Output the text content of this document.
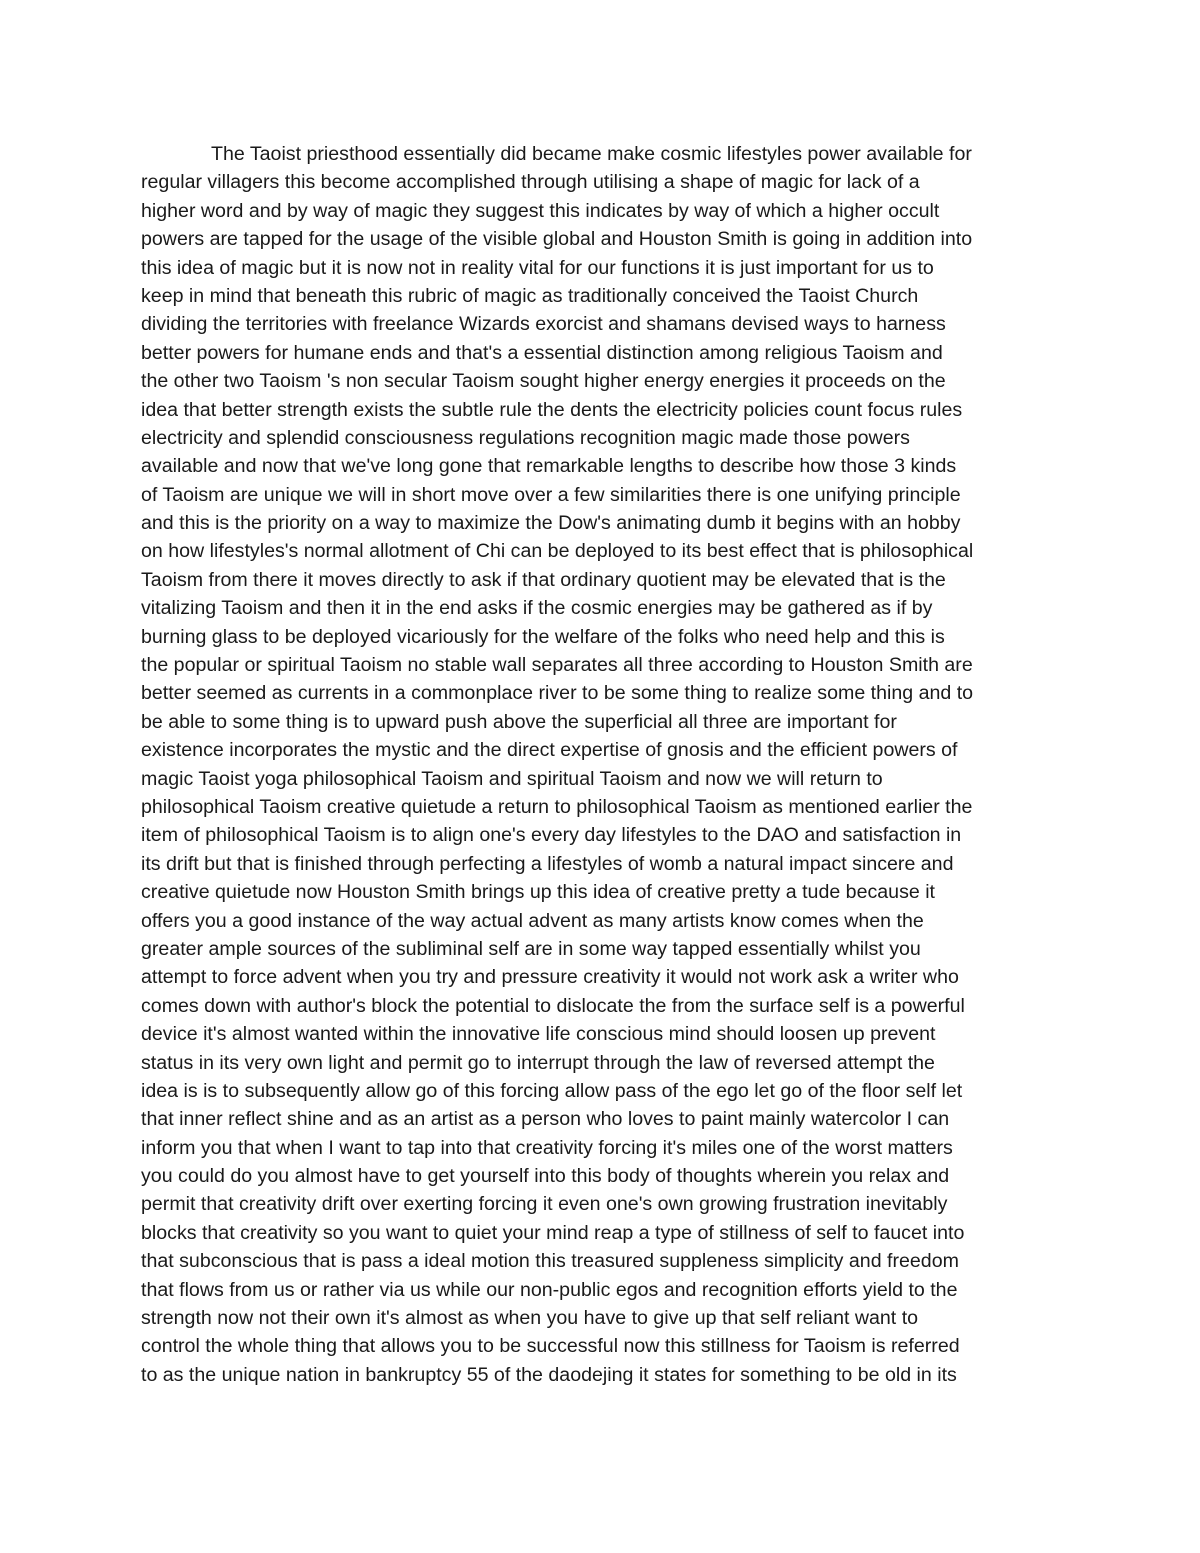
The Taoist priesthood essentially did became make cosmic lifestyles power available for
regular villagers this become accomplished through utilising a shape of magic for lack of a
higher word and by way of magic they suggest this indicates by way of which a higher occult
powers are tapped for the usage of the visible global and Houston Smith is going in addition into
this idea of magic but it is now not in reality vital for our functions it is just important for us to
keep in mind that beneath this rubric of magic as traditionally conceived the Taoist Church
dividing the territories with freelance Wizards exorcist and shamans devised ways to harness
better powers for humane ends and that's a essential distinction among religious Taoism and
the other two Taoism 's non secular Taoism sought higher energy energies it proceeds on the
idea that better strength exists the subtle rule the dents the electricity policies count focus rules
electricity and splendid consciousness regulations recognition magic made those powers
available and now that we've long gone that remarkable lengths to describe how those 3 kinds
of Taoism are unique we will in short move over a few similarities there is one unifying principle
and this is the priority on a way to maximize the Dow's animating dumb it begins with an hobby
on how lifestyles's normal allotment of Chi can be deployed to its best effect that is philosophical
Taoism from there it moves directly to ask if that ordinary quotient may be elevated that is the
vitalizing Taoism and then it in the end asks if the cosmic energies may be gathered as if by
burning glass to be deployed vicariously for the welfare of the folks who need help and this is
the popular or spiritual Taoism no stable wall separates all three according to Houston Smith are
better seemed as currents in a commonplace river to be some thing to realize some thing and to
be able to some thing is to upward push above the superficial all three are important for
existence incorporates the mystic and the direct expertise of gnosis and the efficient powers of
magic Taoist yoga philosophical Taoism and spiritual Taoism and now we will return to
philosophical Taoism creative quietude a return to philosophical Taoism as mentioned earlier the
item of philosophical Taoism is to align one's every day lifestyles to the DAO and satisfaction in
its drift but that is finished through perfecting a lifestyles of womb a natural impact sincere and
creative quietude now Houston Smith brings up this idea of creative pretty a tude because it
offers you a good instance of the way actual advent as many artists know comes when the
greater ample sources of the subliminal self are in some way tapped essentially whilst you
attempt to force advent when you try and pressure creativity it would not work ask a writer who
comes down with author's block the potential to dislocate the from the surface self is a powerful
device it's almost wanted within the innovative life conscious mind should loosen up prevent
status in its very own light and permit go to interrupt through the law of reversed attempt the
idea is is to subsequently allow go of this forcing allow pass of the ego let go of the floor self let
that inner reflect shine and as an artist as a person who loves to paint mainly watercolor I can
inform you that when I want to tap into that creativity forcing it's miles one of the worst matters
you could do you almost have to get yourself into this body of thoughts wherein you relax and
permit that creativity drift over exerting forcing it even one's own growing frustration inevitably
blocks that creativity so you want to quiet your mind reap a type of stillness of self to faucet into
that subconscious that is pass a ideal motion this treasured suppleness simplicity and freedom
that flows from us or rather via us while our non-public egos and recognition efforts yield to the
strength now not their own it's almost as when you have to give up that self reliant want to
control the whole thing that allows you to be successful now this stillness for Taoism is referred
to as the unique nation in bankruptcy 55 of the daodejing it states for something to be old in its
